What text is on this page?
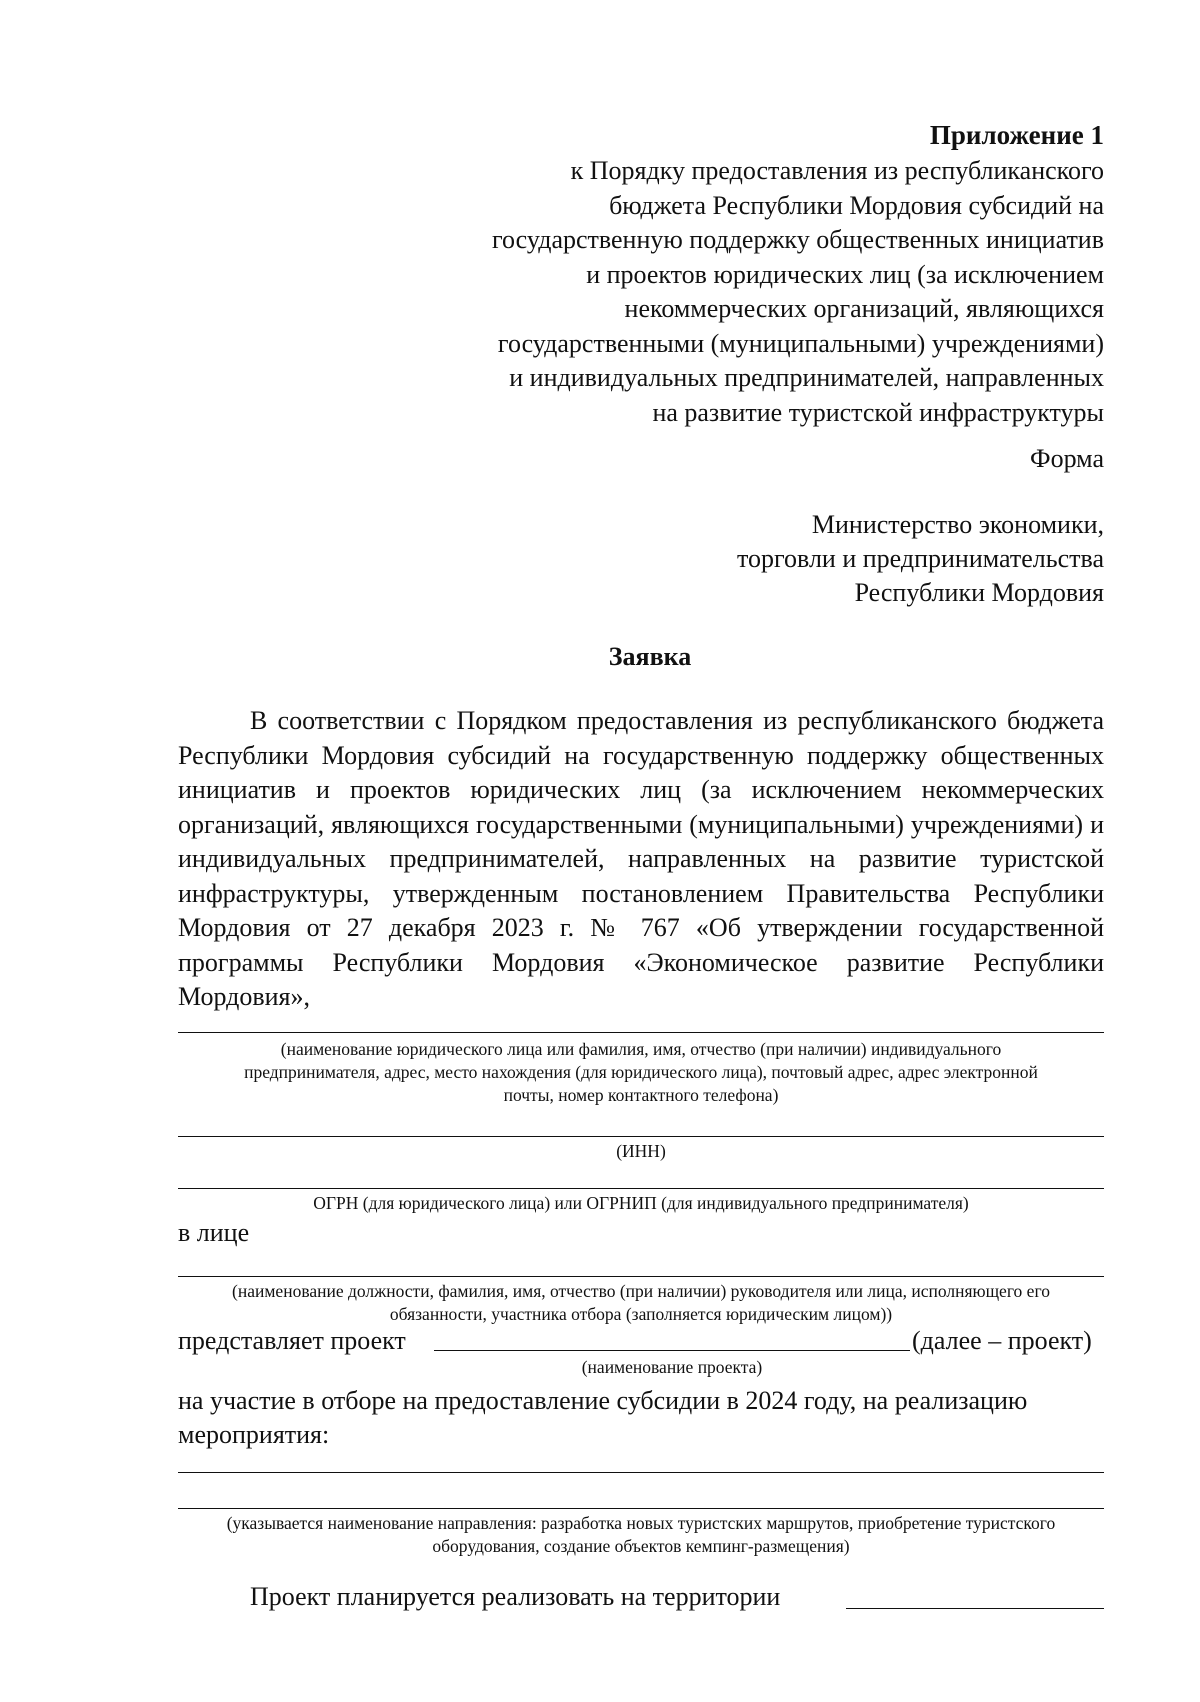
Приложение 1
к Порядку предоставления из республиканского
бюджета Республики Мордовия субсидий на
государственную поддержку общественных инициатив
и проектов юридических лиц (за исключением
некоммерческих организаций, являющихся
государственными (муниципальными) учреждениями)
и индивидуальных предпринимателей, направленных
на развитие туристской инфраструктуры
Форма
Министерство экономики,
торговли и предпринимательства
Республики Мордовия
Заявка
В соответствии с Порядком предоставления из республиканского бюджета Республики Мордовия субсидий на государственную поддержку общественных инициатив и проектов юридических лиц (за исключением некоммерческих организаций, являющихся государственными (муниципальными) учреждениями) и индивидуальных предпринимателей, направленных на развитие туристской инфраструктуры, утвержденным постановлением Правительства Республики Мордовия от 27 декабря 2023 г. № 767 «Об утверждении государственной программы Республики Мордовия «Экономическое развитие Республики Мордовия»,
(наименование юридического лица или фамилия, имя, отчество (при наличии) индивидуального предпринимателя, адрес, место нахождения (для юридического лица), почтовый адрес, адрес электронной почты, номер контактного телефона)
(ИНН)
ОГРН (для юридического лица) или ОГРНИП (для индивидуального предпринимателя)
в лице
(наименование должности, фамилия, имя, отчество (при наличии) руководителя или лица, исполняющего его обязанности, участника отбора (заполняется юридическим лицом))
представляет проект	(далее – проект)
(наименование проекта)
на участие в отборе на предоставление субсидии в 2024 году, на реализацию
мероприятия:
(указывается наименование направления: разработка новых туристских маршрутов, приобретение туристского оборудования, создание объектов кемпинг-размещения)
Проект планируется реализовать на территории
